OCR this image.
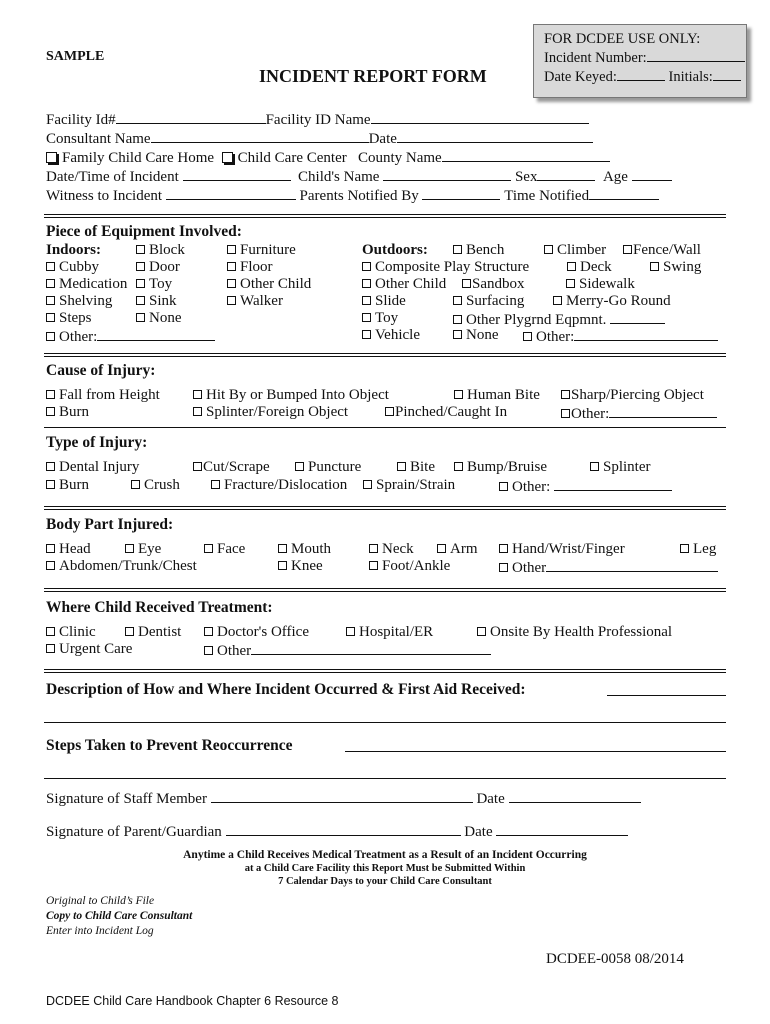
SAMPLE
INCIDENT REPORT FORM
FOR DCDEE USE ONLY:
Incident Number:
Date Keyed:	Initials:
Facility Id#	Facility ID Name
Consultant Name	Date
Family Child Care Home Child Care Center County Name
Date/Time of Incident	Child's Name	Sex	Age
Witness to Incident	Parents Notified By	Time Notified
Piece of Equipment Involved:
Indoors:	Outdoors:
Block	Furniture
Cubby	Door	Floor
Medication	Toy	Other Child
Shelving	Sink	Walker
Steps	None
Other:
Bench	Climber	Fence/Wall
Composite Play Structure	Deck	Swing
Other Child	Sandbox	Sidewalk
Slide	Surfacing	Merry-Go Round
Toy	Other Plygrnd Eqpmnt.
Vehicle	None	Other:
Cause of Injury:
Fall from Height	Hit By or Bumped Into Object	Human Bite	Sharp/Piercing Object
Burn	Splinter/Foreign Object	Pinched/Caught In	Other:
Type of Injury:
Dental Injury	Cut/Scrape	Puncture	Bite	Bump/Bruise	Splinter
Burn	Crush	Fracture/Dislocation	Sprain/Strain	Other:
Body Part Injured:
Head	Eye	Face	Mouth	Neck	Arm	Hand/Wrist/Finger	Leg
Abdomen/Trunk/Chest	Knee	Foot/Ankle	Other
Where Child Received Treatment:
Clinic	Dentist	Doctor's Office	Hospital/ER	Onsite By Health Professional
Urgent Care	Other
Description of How and Where Incident Occurred & First Aid Received:
Steps Taken to Prevent Reoccurrence
Signature of Staff Member	Date
Signature of Parent/Guardian	Date
Anytime a Child Receives Medical Treatment as a Result of an Incident Occurring
at a Child Care Facility this Report Must be Submitted Within
7 Calendar Days to your Child Care Consultant
Original to Child’s File
Copy to Child Care Consultant
Enter into Incident Log
DCDEE-0058 08/2014
DCDEE Child Care Handbook Chapter 6 Resource 8
